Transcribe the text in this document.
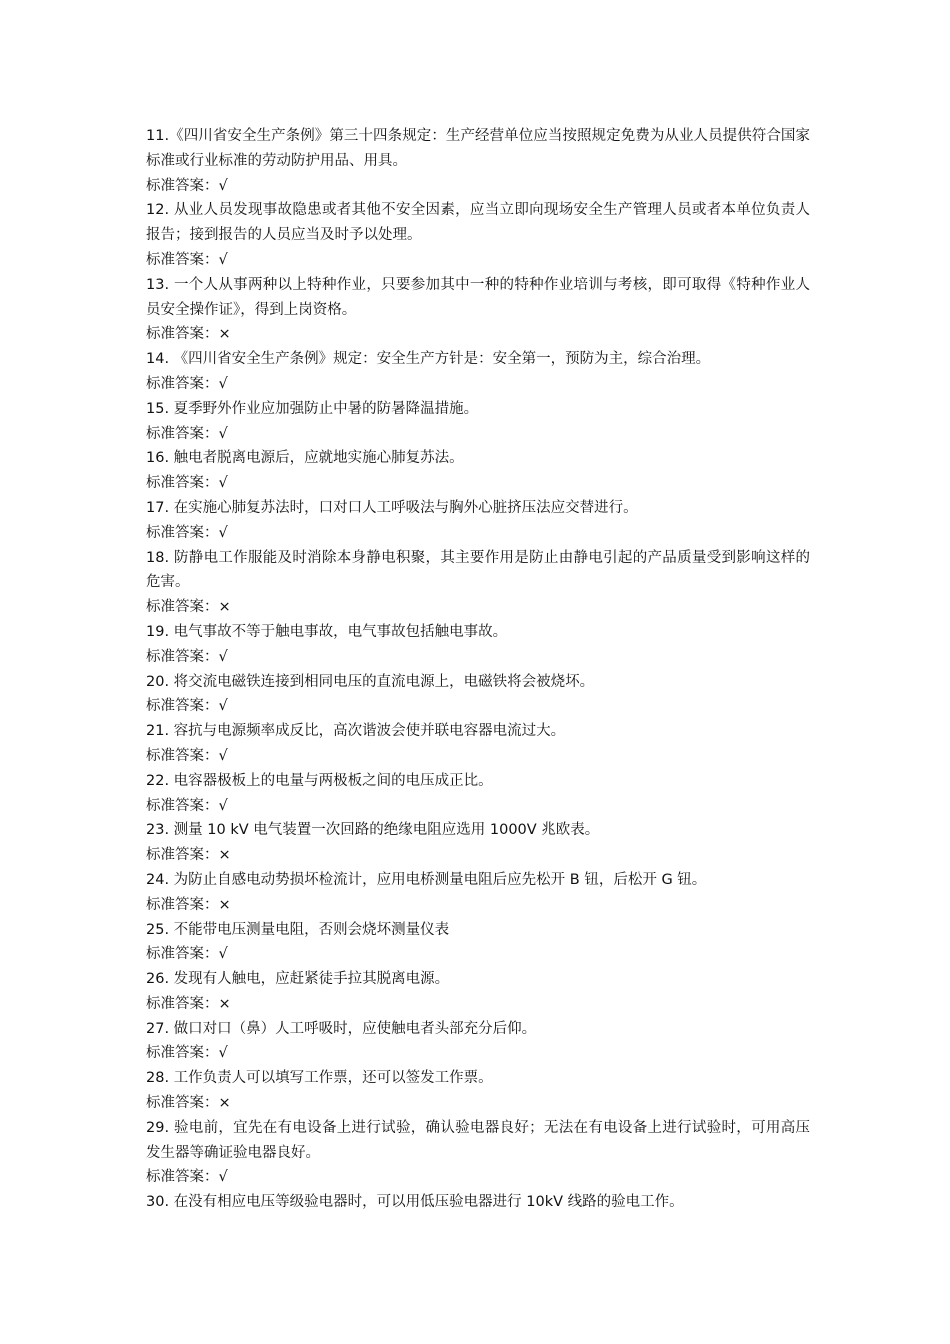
11.《四川省安全生产条例》第三十四条规定：生产经营单位应当按照规定免费为从业人员提供符合国家标准或行业标准的劳动防护用品、用具。

标准答案：√

12. 从业人员发现事故隐患或者其他不安全因素，应当立即向现场安全生产管理人员或者本单位负责人报告；接到报告的人员应当及时予以处理。

标准答案：√

13. 一个人从事两种以上特种作业，只要参加其中一种的特种作业培训与考核，即可取得《特种作业人员安全操作证》，得到上岗资格。

标准答案：×

14. 《四川省安全生产条例》规定：安全生产方针是：安全第一，预防为主，综合治理。

标准答案：√

15. 夏季野外作业应加强防止中暑的防暑降温措施。

标准答案：√

16. 触电者脱离电源后，应就地实施心肺复苏法。

标准答案：√

17. 在实施心肺复苏法时，口对口人工呼吸法与胸外心脏挤压法应交替进行。

标准答案：√

18. 防静电工作服能及时消除本身静电积聚，其主要作用是防止由静电引起的产品质量受到影响这样的危害。

标准答案：×

19. 电气事故不等于触电事故，电气事故包括触电事故。

标准答案：√

20. 将交流电磁铁连接到相同电压的直流电源上，电磁铁将会被烧坏。

标准答案：√

21. 容抗与电源频率成反比，高次谐波会使并联电容器电流过大。

标准答案：√

22. 电容器极板上的电量与两极板之间的电压成正比。

标准答案：√

23. 测量 10 kV 电气装置一次回路的绝缘电阻应选用 1000V 兆欧表。

标准答案：×

24. 为防止自感电动势损坏检流计，应用电桥测量电阻后应先松开 B 钮，后松开 G 钮。

标准答案：×

25. 不能带电压测量电阻，否则会烧坏测量仪表

标准答案：√

26. 发现有人触电，应赶紧徒手拉其脱离电源。

标准答案：×

27. 做口对口（鼻）人工呼吸时，应使触电者头部充分后仰。

标准答案：√

28. 工作负责人可以填写工作票，还可以签发工作票。

标准答案：×

29. 验电前，宜先在有电设备上进行试验，确认验电器良好；无法在有电设备上进行试验时，可用高压发生器等确证验电器良好。

标准答案：√

30. 在没有相应电压等级验电器时，可以用低压验电器进行 10kV 线路的验电工作。
